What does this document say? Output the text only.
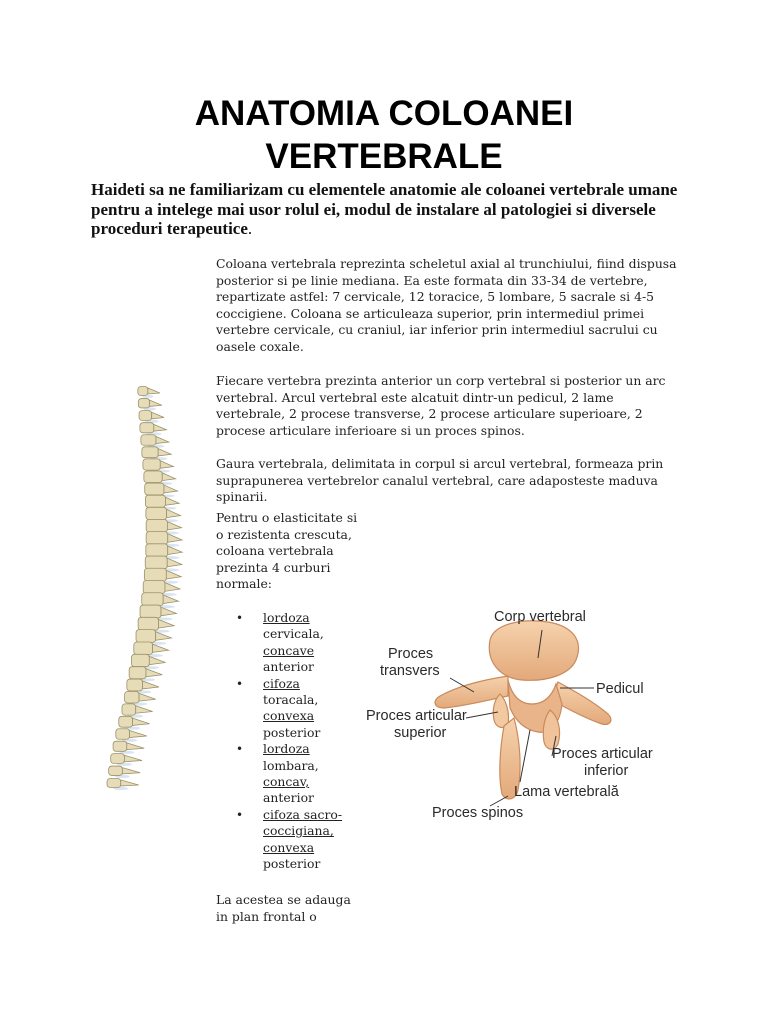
ANATOMIA COLOANEI
VERTEBRALE

Haideti sa ne familiarizam cu elementele anatomie ale coloanei vertebrale umane pentru a intelege mai usor rolul ei, modul de instalare al patologiei si diversele proceduri terapeutice.

Coloana vertebrala reprezinta scheletul axial al trunchiului, fiind dispusa posterior si pe linie mediana. Ea este formata din 33-34 de vertebre, repartizate astfel: 7 cervicale, 12 toracice, 5 lombare, 5 sacrale si 4-5 coccigiene. Coloana se articuleaza superior, prin intermediul primei vertebre cervicale, cu craniul, iar inferior prin intermediul sacrului cu oasele coxale.

Fiecare vertebra prezinta anterior un corp vertebral si posterior un arc vertebral. Arcul vertebral este alcatuit dintr-un pedicul, 2 lame vertebrale, 2 procese transverse, 2 procese articulare superioare, 2 procese articulare inferioare si un proces spinos.

Gaura vertebrala, delimitata in corpul si arcul vertebral, formeaza prin suprapunerea vertebrelor canalul vertebral, care adaposteste maduva spinarii.

Pentru o elasticitate si o rezistenta crescuta, coloana vertebrala prezinta 4 curburi normale:

• lordoza
cervicala,
concave
anterior
• cifoza
toracala,
convexa
posterior
• lordoza
lombara,
concav,
anterior
• cifoza sacro-coccigiana,
convexa
posterior

La acestea se adauga in plan frontal o

Corp vertebral
Proces
transvers
Pedicul
Proces articular
superior
Proces articular
inferior
Lama vertebrală
Proces spinos
